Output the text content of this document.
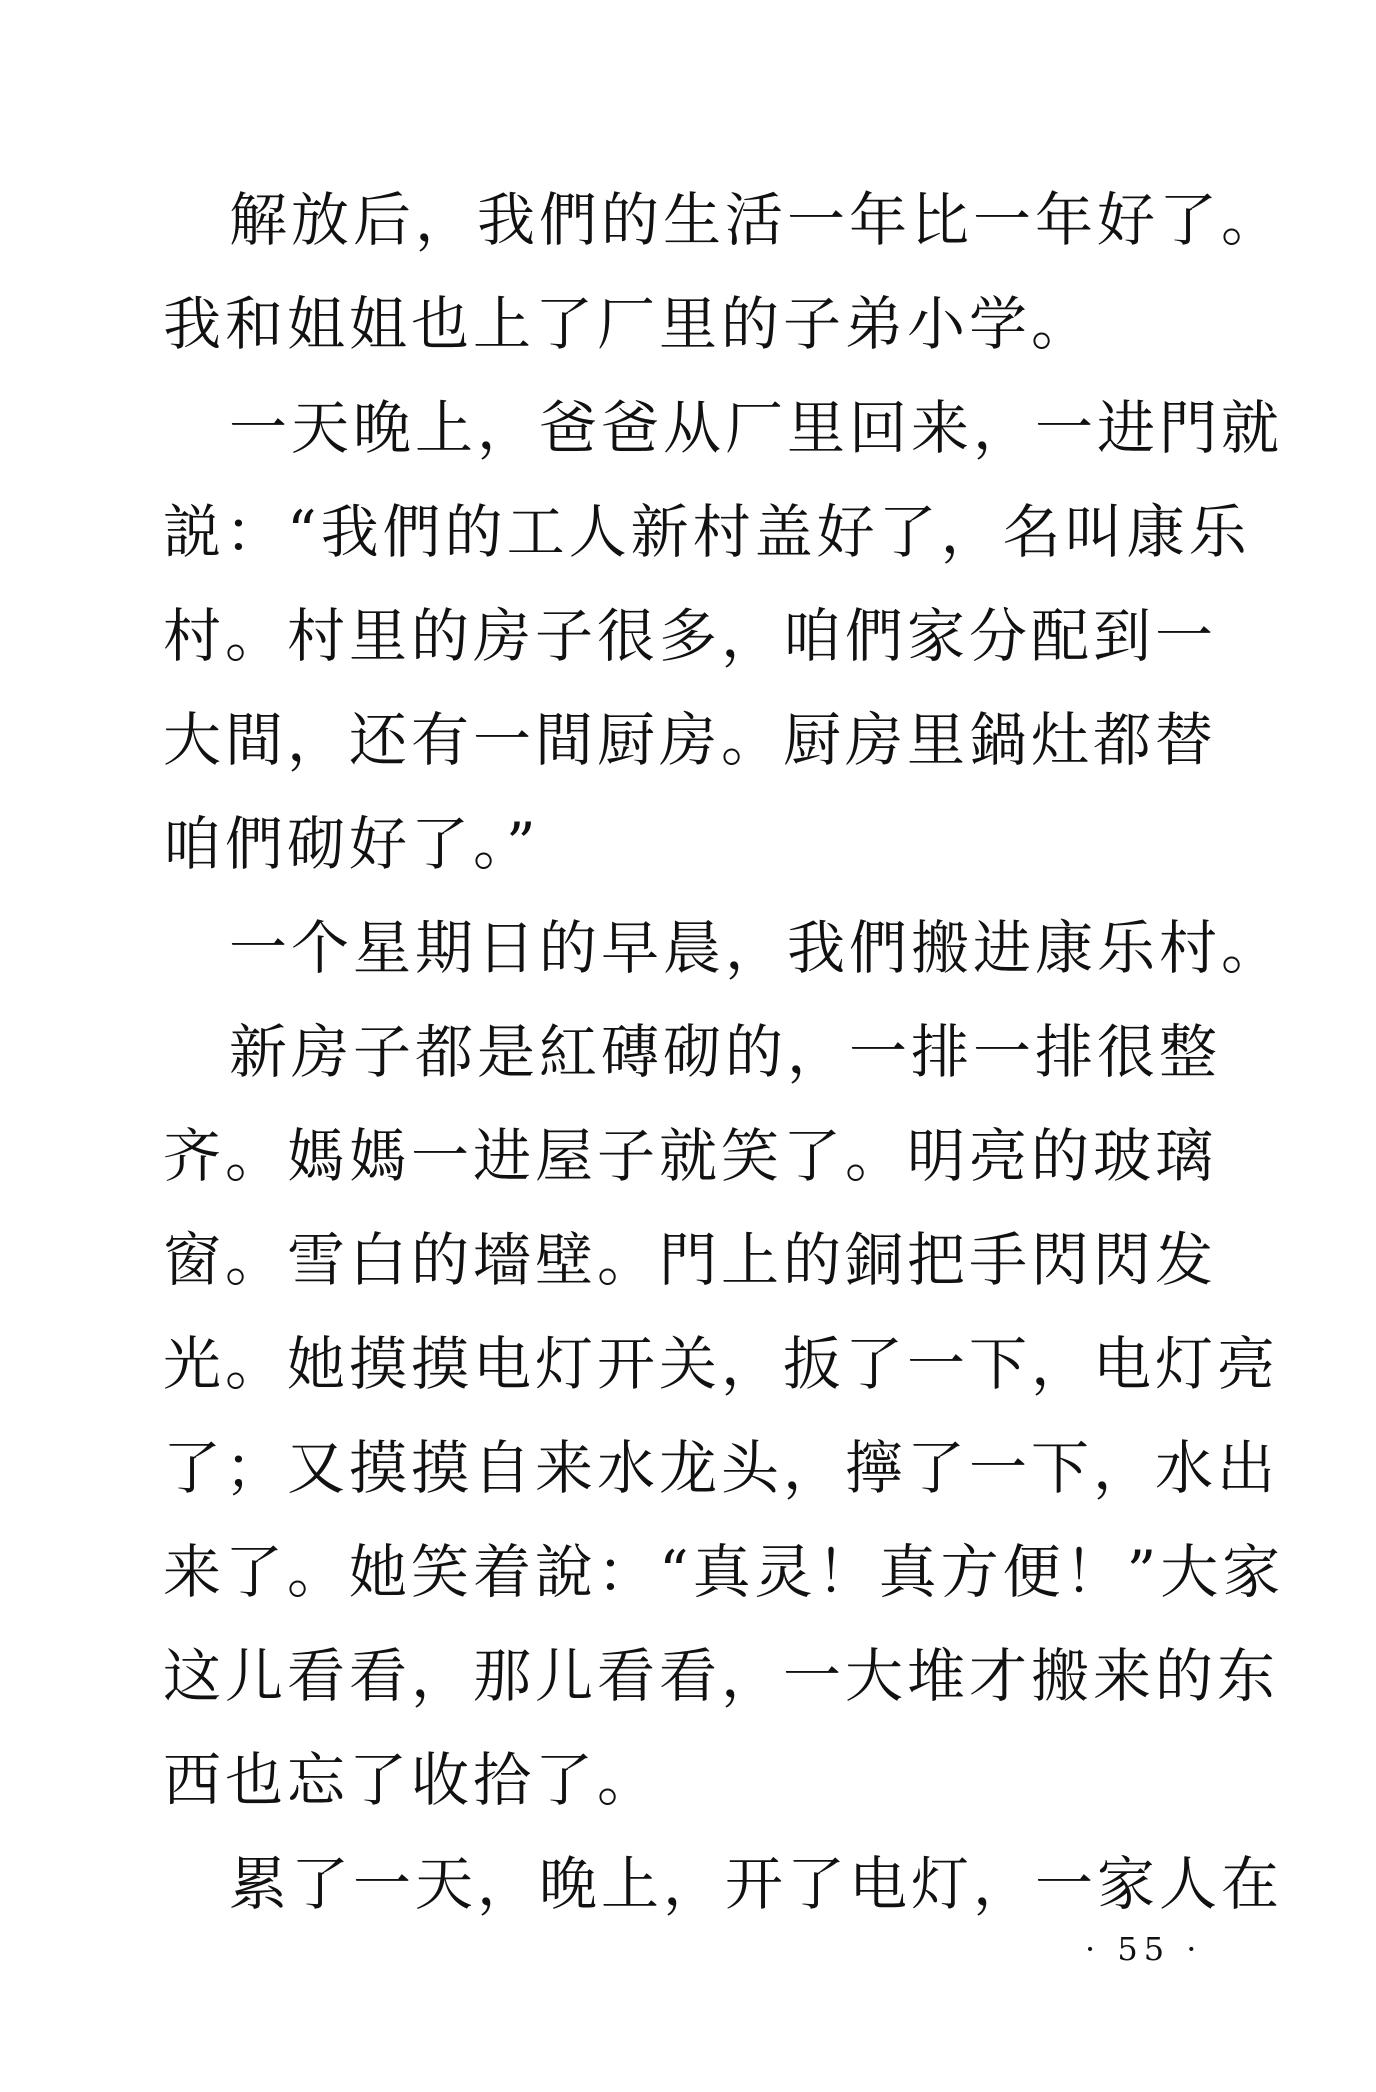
解放后，我們的生活一年比一年好了。
我和姐姐也上了厂里的子弟小学。
一天晚上，爸爸从厂里回来，一进門就
説：“我們的工人新村盖好了，名叫康乐
村。村里的房子很多，咱們家分配到一
大間，还有一間厨房。厨房里鍋灶都替
咱們砌好了。”
一个星期日的早晨，我們搬进康乐村。
新房子都是紅磚砌的，一排一排很整
齐。媽媽一进屋子就笑了。明亮的玻璃
窗。雪白的墻壁。門上的銅把手閃閃发
光。她摸摸电灯开关，扳了一下，电灯亮
了；又摸摸自来水龙头，擰了一下，水出
来了。她笑着說：“真灵！真方便！”大家
这儿看看，那儿看看，一大堆才搬来的东
西也忘了收拾了。
累了一天，晚上，开了电灯，一家人在
· 55 ·
